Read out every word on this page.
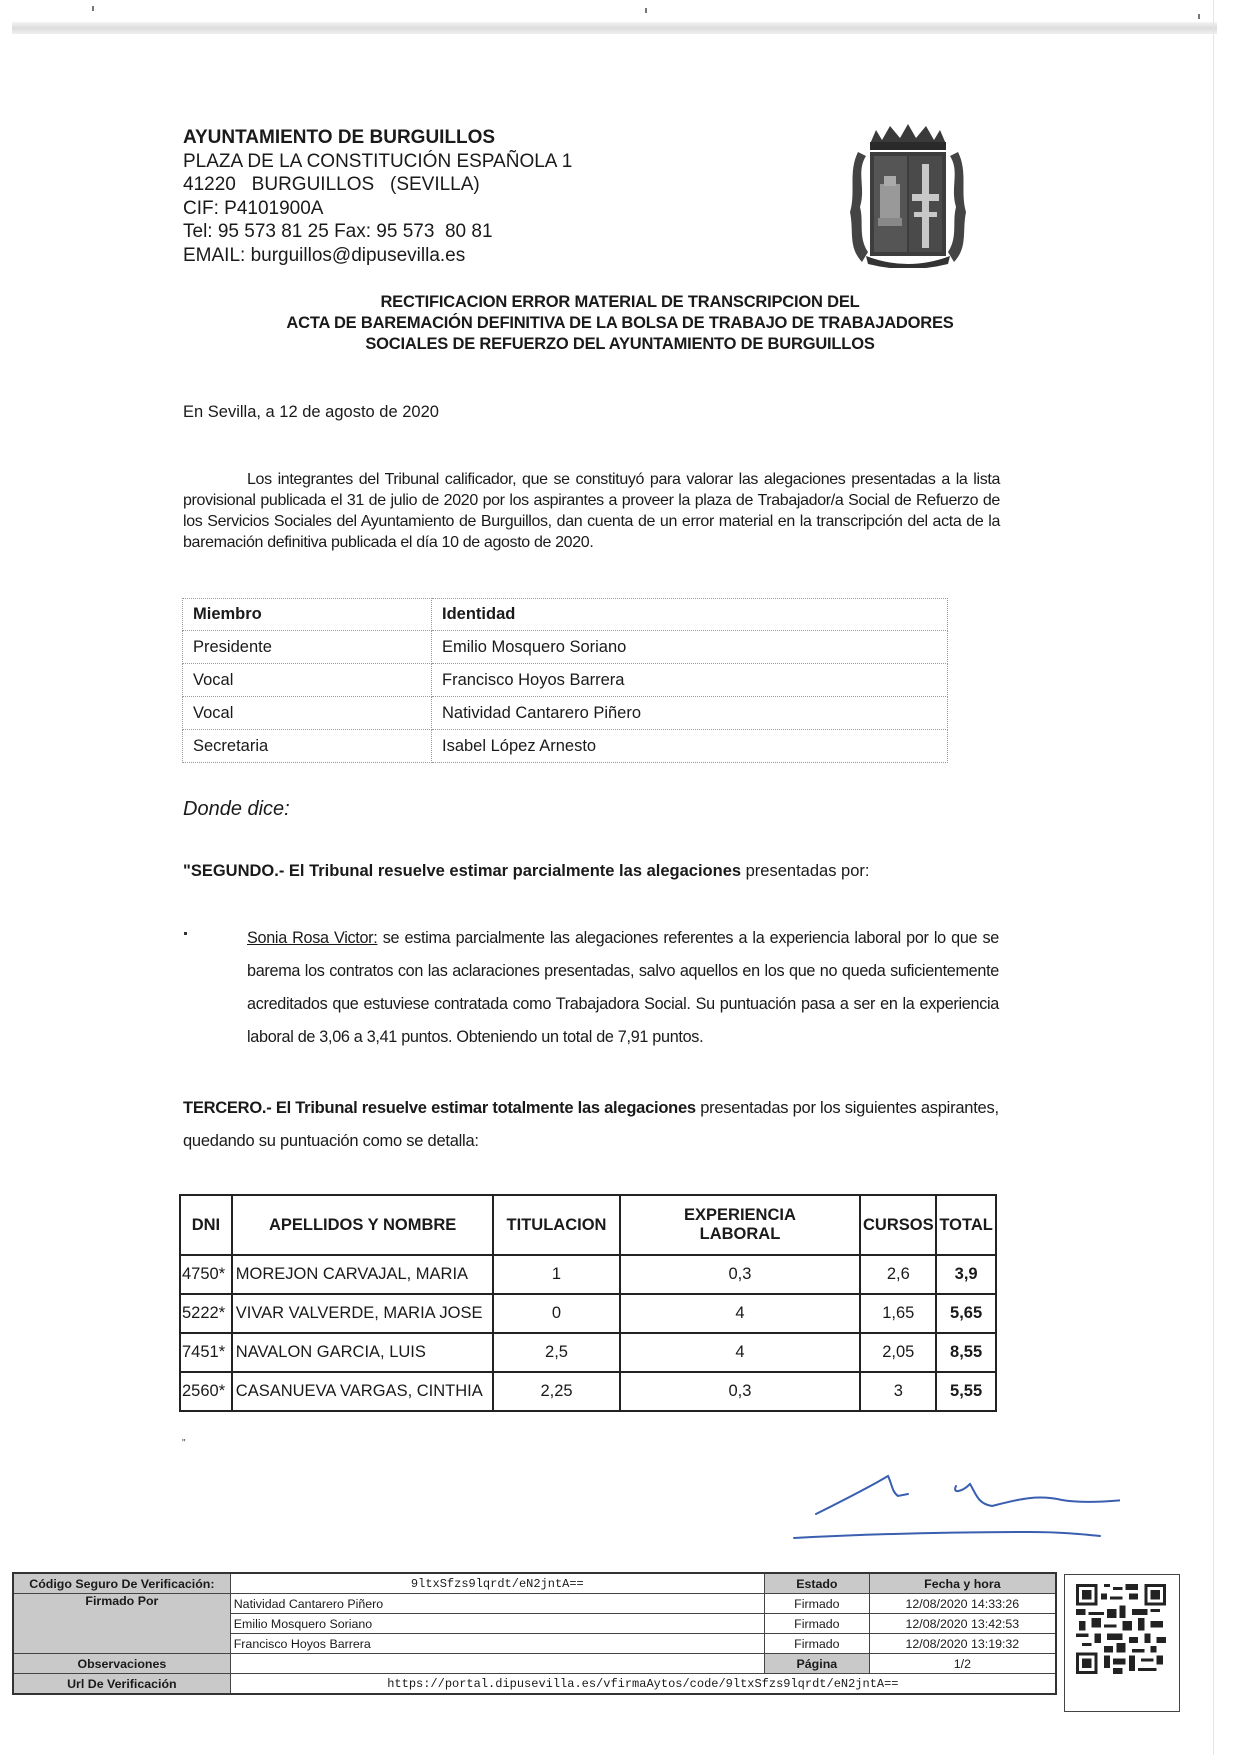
AYUNTAMIENTO DE BURGUILLOS
PLAZA DE LA CONSTITUCIÓN ESPAÑOLA 1
41220   BURGUILLOS   (SEVILLA)
CIF: P4101900A
Tel: 95 573 81 25 Fax: 95 573  80 81
EMAIL: burguillos@dipusevilla.es
RECTIFICACION ERROR MATERIAL DE TRANSCRIPCION DEL
ACTA DE BAREMACIÓN DEFINITIVA DE LA BOLSA DE TRABAJO DE TRABAJADORES
SOCIALES DE REFUERZO DEL AYUNTAMIENTO DE BURGUILLOS
En Sevilla, a 12 de agosto de 2020
Los integrantes del Tribunal calificador, que se constituyó para valorar las alegaciones presentadas a la lista provisional publicada el 31 de julio de 2020 por los aspirantes a proveer la plaza de Trabajador/a Social de Refuerzo de los Servicios Sociales del Ayuntamiento de Burguillos, dan cuenta de un error material en la transcripción del acta de la baremación definitiva publicada el día 10 de agosto de 2020.
Miembro	Identidad
Presidente	Emilio Mosquero Soriano
Vocal	Francisco Hoyos Barrera
Vocal	Natividad Cantarero Piñero
Secretaria	Isabel López Arnesto
Donde dice:
"SEGUNDO.- El Tribunal resuelve estimar parcialmente las alegaciones presentadas por:
Sonia Rosa Victor: se estima parcialmente las alegaciones referentes a la experiencia laboral por lo que se barema los contratos con las aclaraciones presentadas, salvo aquellos en los que no queda suficientemente acreditados que estuviese contratada como Trabajadora Social. Su puntuación pasa a ser en la experiencia laboral de 3,06 a 3,41 puntos. Obteniendo un total de 7,91 puntos.
TERCERO.- El Tribunal resuelve estimar totalmente las alegaciones presentadas por los siguientes aspirantes, quedando su puntuación como se detalla:
DNI	APELLIDOS Y NOMBRE	TITULACION	EXPERIENCIA LABORAL	CURSOS	TOTAL
4750*	MOREJON CARVAJAL, MARIA	1	0,3	2,6	3,9
5222*	VIVAR VALVERDE, MARIA JOSE	0	4	1,65	5,65
7451*	NAVALON GARCIA, LUIS	2,5	4	2,05	8,55
2560*	CASANUEVA VARGAS, CINTHIA	2,25	0,3	3	5,55
"
Código Seguro De Verificación:	9ltxSfzs9lqrdt/eN2jntA==	Estado	Fecha y hora
Firmado Por	Natividad Cantarero Piñero	Firmado	12/08/2020 14:33:26
	Emilio Mosquero Soriano	Firmado	12/08/2020 13:42:53
	Francisco Hoyos Barrera	Firmado	12/08/2020 13:19:32
Observaciones		Página	1/2
Url De Verificación	https://portal.dipusevilla.es/vfirmaAytos/code/9ltxSfzs9lqrdt/eN2jntA==		
